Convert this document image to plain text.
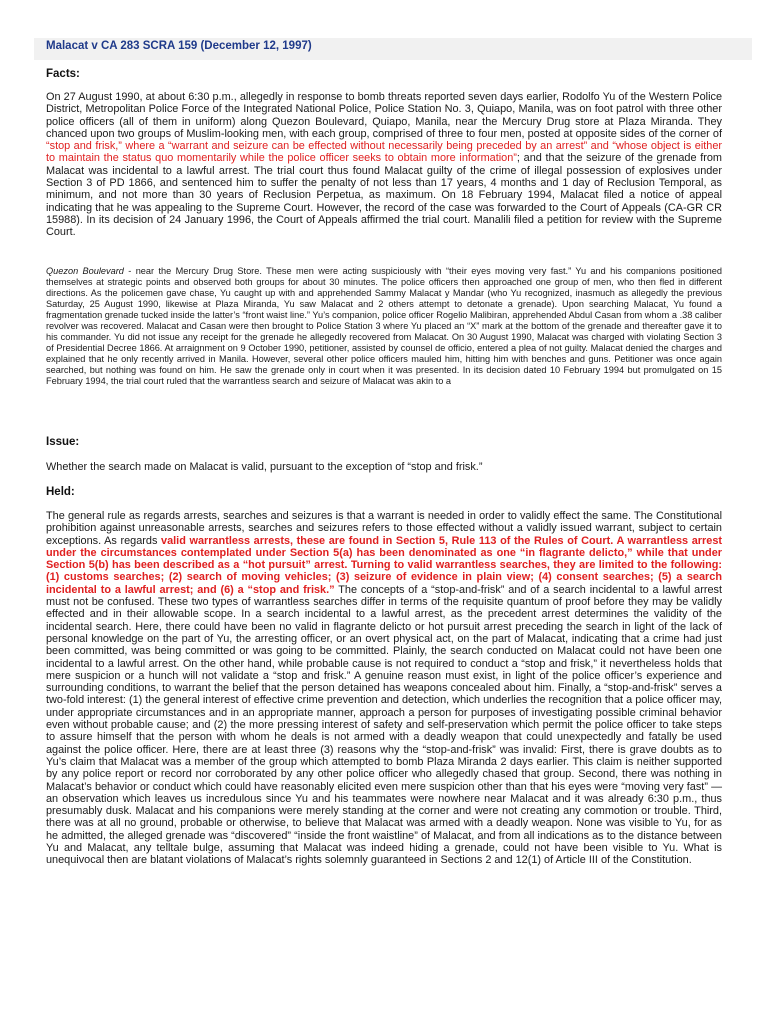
Malacat v CA 283 SCRA 159 (December 12, 1997)
Facts:
On 27 August 1990, at about 6:30 p.m., allegedly in response to bomb threats reported seven days earlier, Rodolfo Yu of the Western Police District, Metropolitan Police Force of the Integrated National Police, Police Station No. 3, Quiapo, Manila, was on foot patrol with three other police officers (all of them in uniform) along Quezon Boulevard, Quiapo, Manila, near the Mercury Drug store at Plaza Miranda. They chanced upon two groups of Muslim-looking men, with each group, comprised of three to four men, posted at opposite sides of the corner of “stop and frisk,” where a “warrant and seizure can be effected without necessarily being preceded by an arrest” and “whose object is either to maintain the status quo momentarily while the police officer seeks to obtain more information”; and that the seizure of the grenade from Malacat was incidental to a lawful arrest. The trial court thus found Malacat guilty of the crime of illegal possession of explosives under Section 3 of PD 1866, and sentenced him to suffer the penalty of not less than 17 years, 4 months and 1 day of Reclusion Temporal, as minimum, and not more than 30 years of Reclusion Perpetua, as maximum. On 18 February 1994, Malacat filed a notice of appeal indicating that he was appealing to the Supreme Court. However, the record of the case was forwarded to the Court of Appeals (CA-GR CR 15988). In its decision of 24 January 1996, the Court of Appeals affirmed the trial court. Manalili filed a petition for review with the Supreme Court.
Quezon Boulevard - near the Mercury Drug Store. These men were acting suspiciously with “their eyes moving very fast.” Yu and his companions positioned themselves at strategic points and observed both groups for about 30 minutes. The police officers then approached one group of men, who then fled in different directions. As the policemen gave chase, Yu caught up with and apprehended Sammy Malacat y Mandar (who Yu recognized, inasmuch as allegedly the previous Saturday, 25 August 1990, likewise at Plaza Miranda, Yu saw Malacat and 2 others attempt to detonate a grenade). Upon searching Malacat, Yu found a fragmentation grenade tucked inside the latter’s “front waist line.” Yu’s companion, police officer Rogelio Malibiran, apprehended Abdul Casan from whom a .38 caliber revolver was recovered. Malacat and Casan were then brought to Police Station 3 where Yu placed an “X” mark at the bottom of the grenade and thereafter gave it to his commander. Yu did not issue any receipt for the grenade he allegedly recovered from Malacat. On 30 August 1990, Malacat was charged with violating Section 3 of Presidential Decree 1866. At arraignment on 9 October 1990, petitioner, assisted by counsel de officio, entered a plea of not guilty. Malacat denied the charges and explained that he only recently arrived in Manila. However, several other police officers mauled him, hitting him with benches and guns. Petitioner was once again searched, but nothing was found on him. He saw the grenade only in court when it was presented. In its decision dated 10 February 1994 but promulgated on 15 February 1994, the trial court ruled that the warrantless search and seizure of Malacat was akin to a
Issue:
Whether the search made on Malacat is valid, pursuant to the exception of “stop and frisk.”
Held:
The general rule as regards arrests, searches and seizures is that a warrant is needed in order to validly effect the same. The Constitutional prohibition against unreasonable arrests, searches and seizures refers to those effected without a validly issued warrant, subject to certain exceptions. As regards valid warrantless arrests, these are found in Section 5, Rule 113 of the Rules of Court. A warrantless arrest under the circumstances contemplated under Section 5(a) has been denominated as one “in flagrante delicto,” while that under Section 5(b) has been described as a “hot pursuit” arrest. Turning to valid warrantless searches, they are limited to the following: (1) customs searches; (2) search of moving vehicles; (3) seizure of evidence in plain view; (4) consent searches; (5) a search incidental to a lawful arrest; and (6) a “stop and frisk.” The concepts of a “stop-and-frisk” and of a search incidental to a lawful arrest must not be confused. These two types of warrantless searches differ in terms of the requisite quantum of proof before they may be validly effected and in their allowable scope. In a search incidental to a lawful arrest, as the precedent arrest determines the validity of the incidental search. Here, there could have been no valid in flagrante delicto or hot pursuit arrest preceding the search in light of the lack of personal knowledge on the part of Yu, the arresting officer, or an overt physical act, on the part of Malacat, indicating that a crime had just been committed, was being committed or was going to be committed. Plainly, the search conducted on Malacat could not have been one incidental to a lawful arrest. On the other hand, while probable cause is not required to conduct a “stop and frisk,” it nevertheless holds that mere suspicion or a hunch will not validate a “stop and frisk.” A genuine reason must exist, in light of the police officer’s experience and surrounding conditions, to warrant the belief that the person detained has weapons concealed about him. Finally, a “stop-and-frisk” serves a two-fold interest: (1) the general interest of effective crime prevention and detection, which underlies the recognition that a police officer may, under appropriate circumstances and in an appropriate manner, approach a person for purposes of investigating possible criminal behavior even without probable cause; and (2) the more pressing interest of safety and self-preservation which permit the police officer to take steps to assure himself that the person with whom he deals is not armed with a deadly weapon that could unexpectedly and fatally be used against the police officer. Here, there are at least three (3) reasons why the “stop-and-frisk” was invalid: First, there is grave doubts as to Yu’s claim that Malacat was a member of the group which attempted to bomb Plaza Miranda 2 days earlier. This claim is neither supported by any police report or record nor corroborated by any other police officer who allegedly chased that group. Second, there was nothing in Malacat’s behavior or conduct which could have reasonably elicited even mere suspicion other than that his eyes were “moving very fast” — an observation which leaves us incredulous since Yu and his teammates were nowhere near Malacat and it was already 6:30 p.m., thus presumably dusk. Malacat and his companions were merely standing at the corner and were not creating any commotion or trouble. Third, there was at all no ground, probable or otherwise, to believe that Malacat was armed with a deadly weapon. None was visible to Yu, for as he admitted, the alleged grenade was “discovered” “inside the front waistline” of Malacat, and from all indications as to the distance between Yu and Malacat, any telltale bulge, assuming that Malacat was indeed hiding a grenade, could not have been visible to Yu. What is unequivocal then are blatant violations of Malacat’s rights solemnly guaranteed in Sections 2 and 12(1) of Article III of the Constitution.
